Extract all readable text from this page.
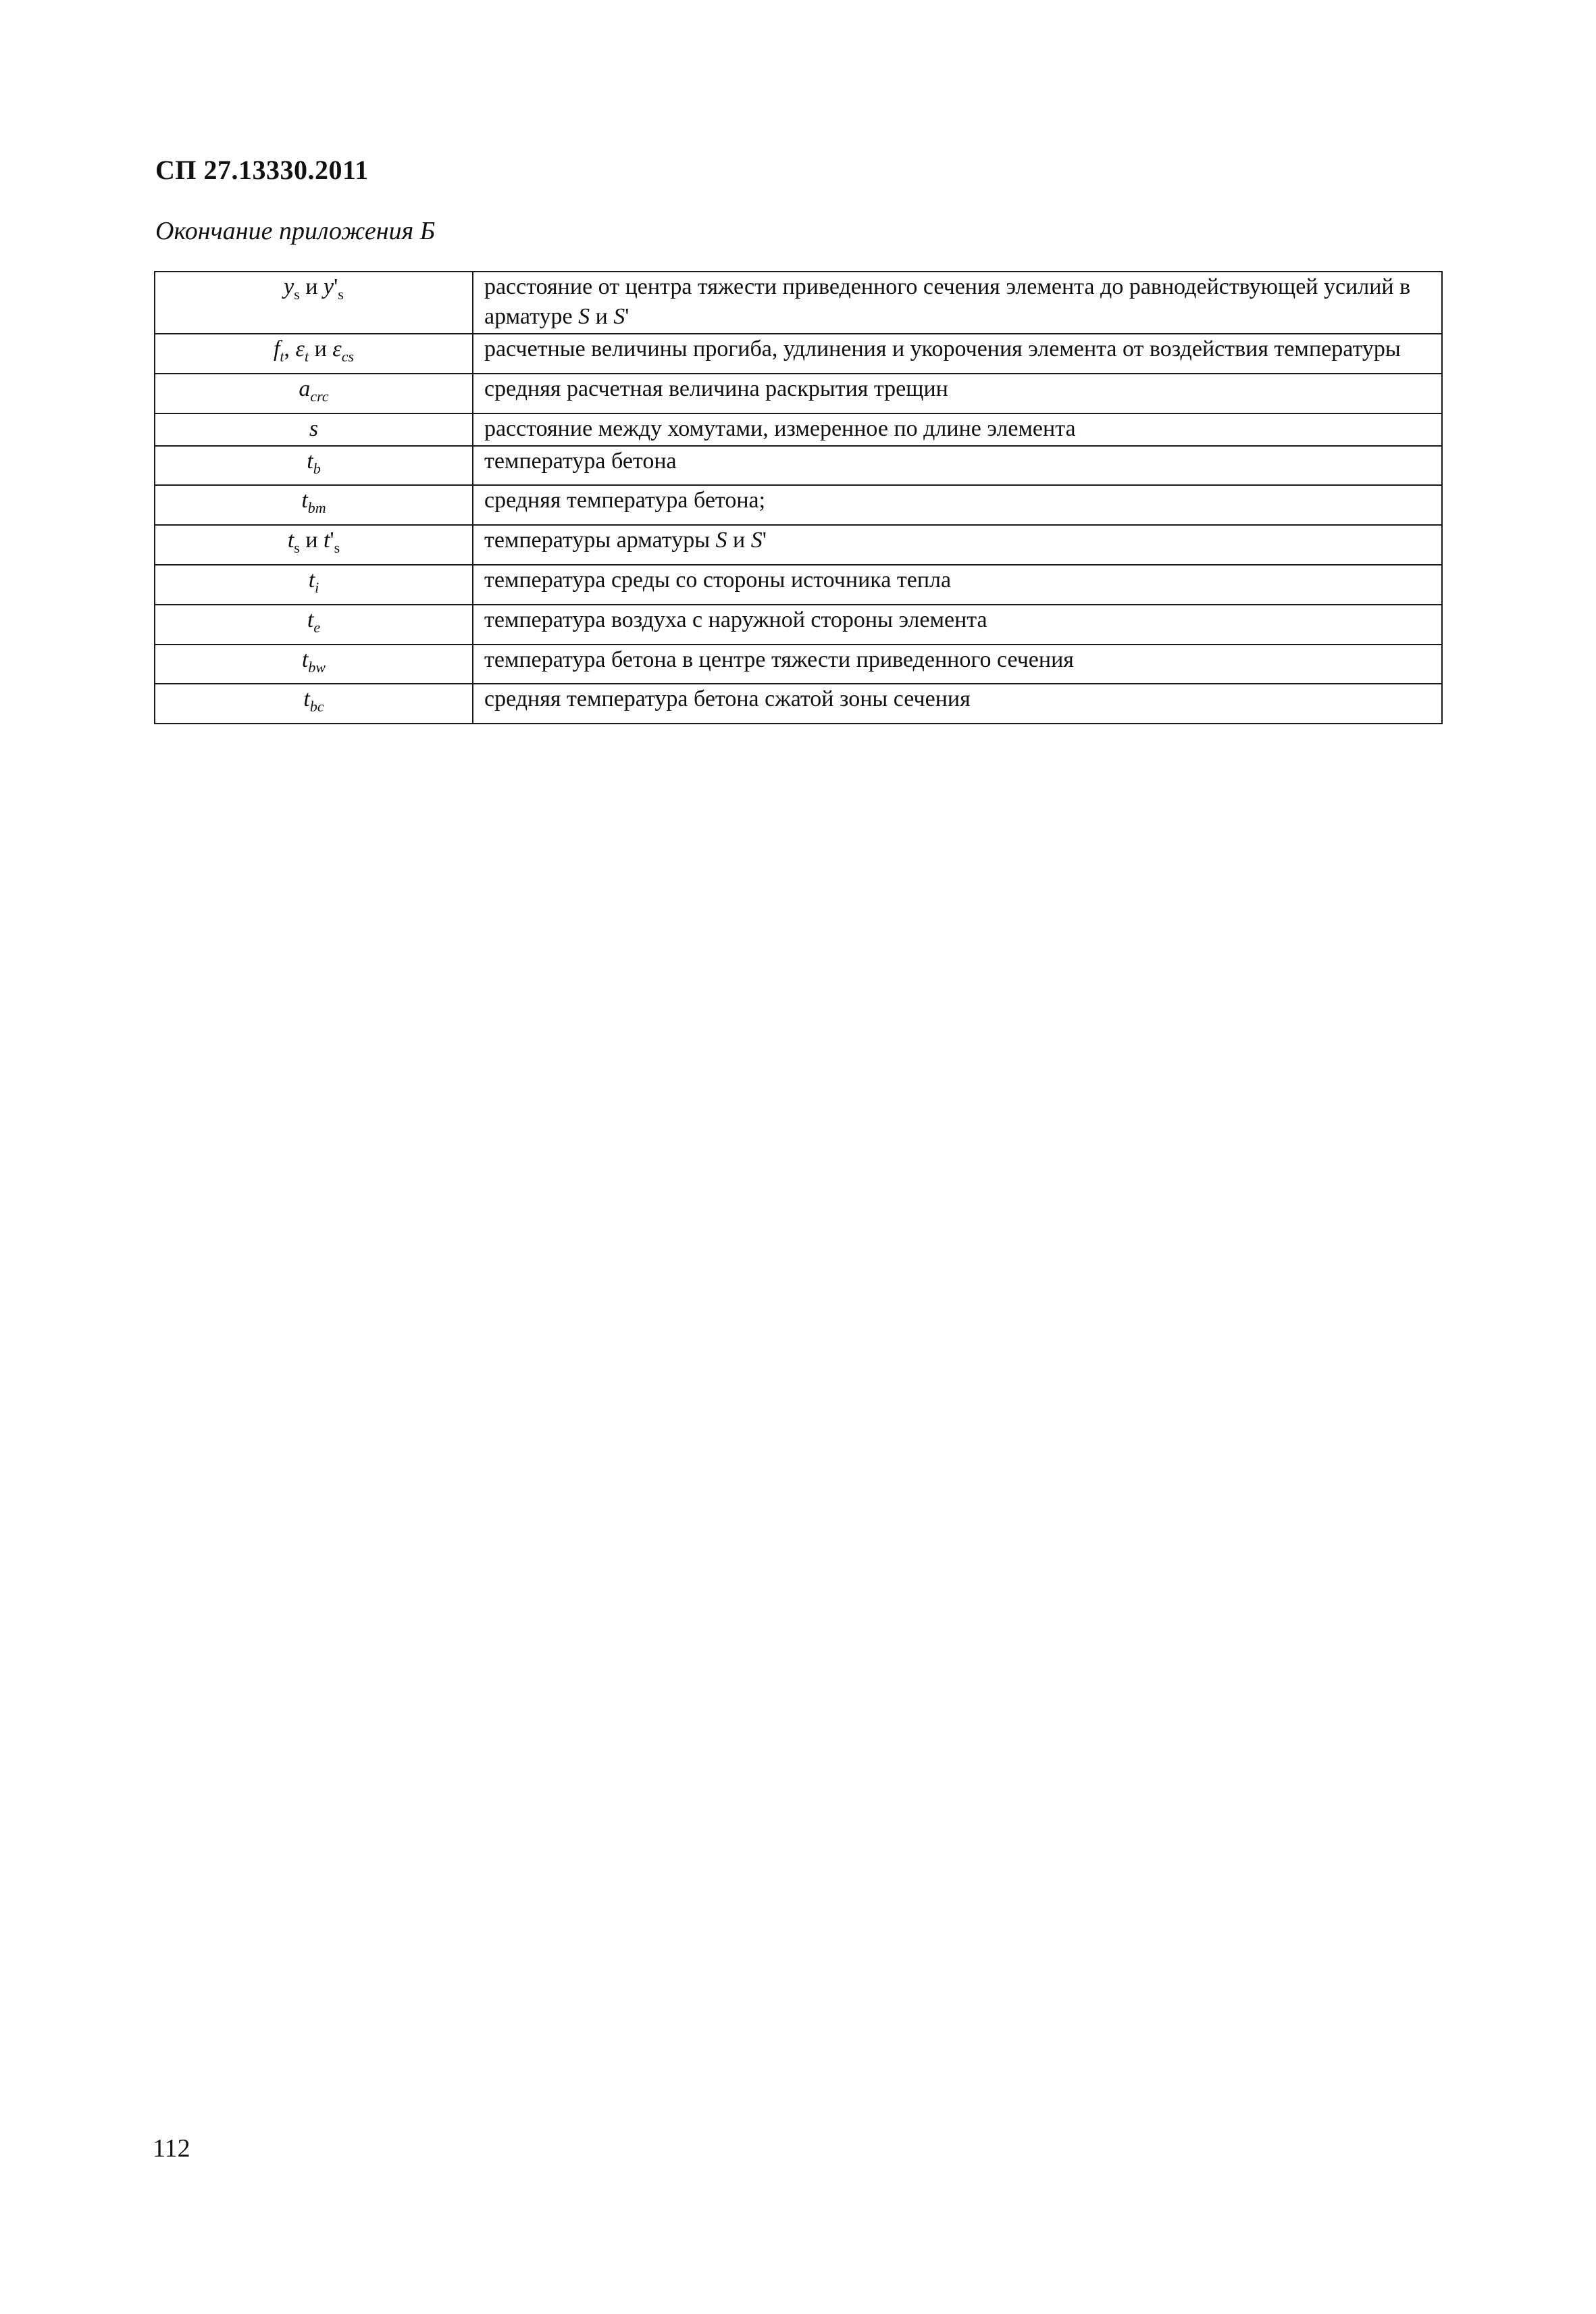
СП 27.13330.2011
Окончание приложения Б
$y_s$ и $y'_s$	расстояние от центра тяжести приведенного сечения элемента до равнодействующей усилий в арматуре S и S'
$f_t$, $\varepsilon_t$ и $\varepsilon_{cs}$	расчетные величины прогиба, удлинения и укорочения элемента от воздействия температуры
$a_{crc}$	средняя расчетная величина раскрытия трещин
s	расстояние между хомутами, измеренное по длине элемента
$t_b$	температура бетона
$t_{bm}$	средняя температура бетона;
$t_s$ и $t'_s$	температуры арматуры S и S'
$t_i$	температура среды со стороны источника тепла
$t_e$	температура воздуха с наружной стороны элемента
$t_{bw}$	температура бетона в центре тяжести приведенного сечения
$t_{bc}$	средняя температура бетона сжатой зоны сечения
112
